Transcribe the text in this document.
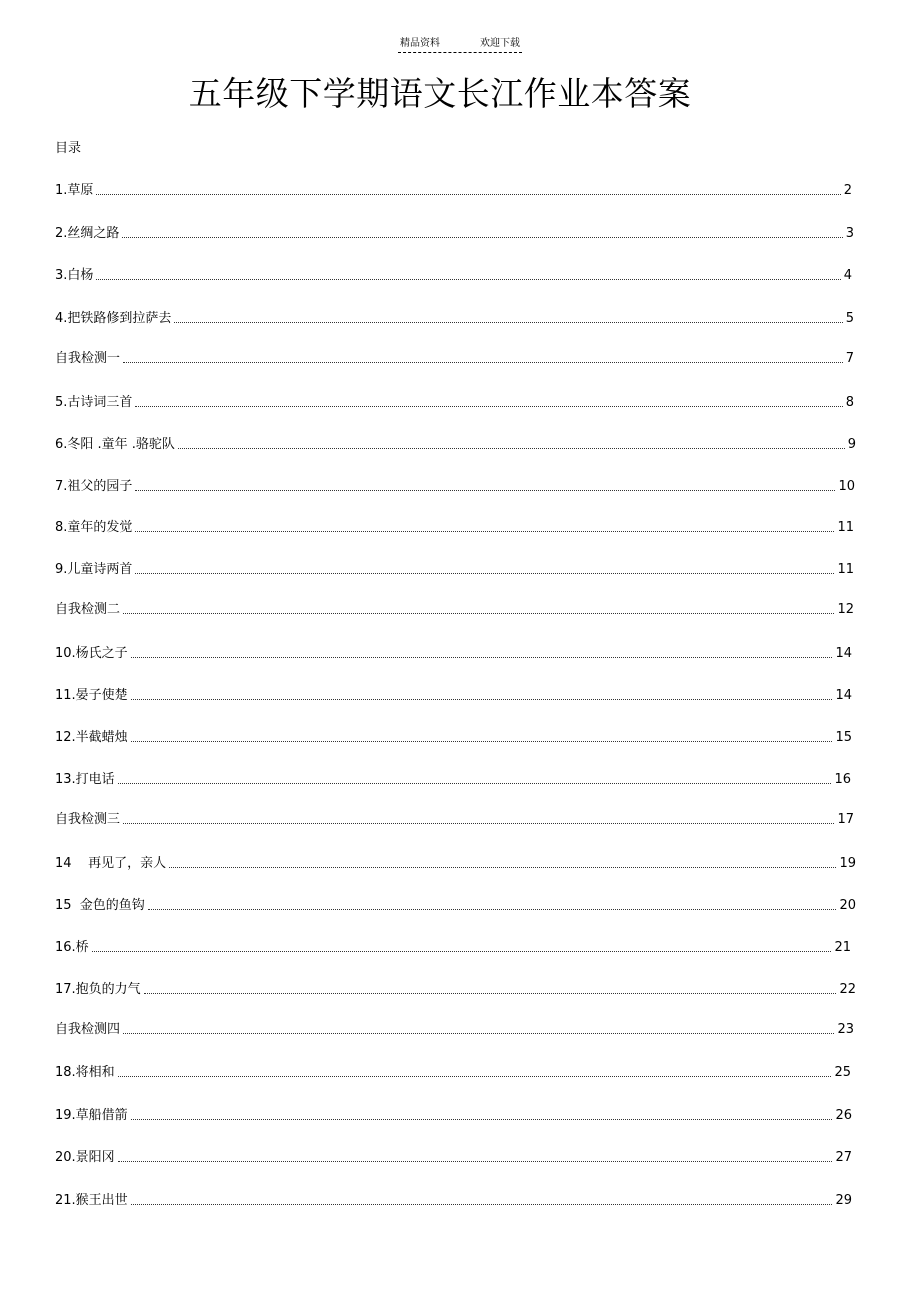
精品资料	欢迎下载
五年级下学期语文长江作业本答案
目录
1.草原	2
2.丝绸之路	3
3.白杨	4
4.把铁路修到拉萨去	5
自我检测一	7
5.古诗词三首	8
6.冬阳 .童年 .骆驼队	9
7.祖父的园子	10
8.童年的发觉	11
9.儿童诗两首	11
自我检测二	12
10.杨氏之子	14
11.晏子使楚	14
12.半截蜡烛	15
13.打电话	16
自我检测三	17
14    再见了，亲人	19
15  金色的鱼钩	20
16.桥	21
17.抱负的力气	22
自我检测四	23
18.将相和	25
19.草船借箭	26
20.景阳冈	27
21.猴王出世	29
